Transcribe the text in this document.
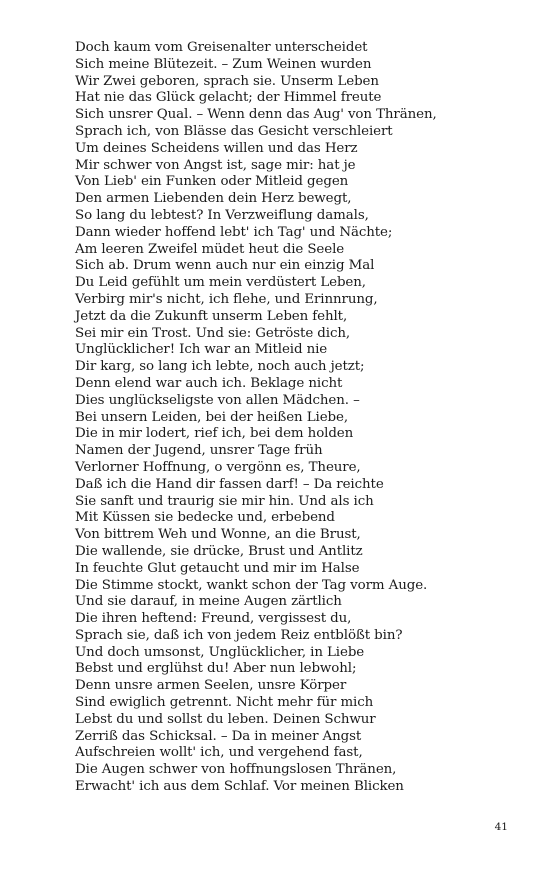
Doch kaum vom Greisenalter unterscheidet
Sich meine Blütezeit. – Zum Weinen wurden
Wir Zwei geboren, sprach sie. Unserm Leben
Hat nie das Glück gelacht; der Himmel freute
Sich unsrer Qual. – Wenn denn das Aug' von Thränen,
Sprach ich, von Blässe das Gesicht verschleiert
Um deines Scheidens willen und das Herz
Mir schwer von Angst ist, sage mir: hat je
Von Lieb' ein Funken oder Mitleid gegen
Den armen Liebenden dein Herz bewegt,
So lang du lebtest? In Verzweiflung damals,
Dann wieder hoffend lebt' ich Tag' und Nächte;
Am leeren Zweifel müdet heut die Seele
Sich ab. Drum wenn auch nur ein einzig Mal
Du Leid gefühlt um mein verdüstert Leben,
Verbirg mir's nicht, ich flehe, und Erinnrung,
Jetzt da die Zukunft unserm Leben fehlt,
Sei mir ein Trost. Und sie: Getröste dich,
Unglücklicher! Ich war an Mitleid nie
Dir karg, so lang ich lebte, noch auch jetzt;
Denn elend war auch ich. Beklage nicht
Dies unglückseligste von allen Mädchen. –
Bei unsern Leiden, bei der heißen Liebe,
Die in mir lodert, rief ich, bei dem holden
Namen der Jugend, unsrer Tage früh
Verlorner Hoffnung, o vergönn es, Theure,
Daß ich die Hand dir fassen darf! – Da reichte
Sie sanft und traurig sie mir hin. Und als ich
Mit Küssen sie bedecke und, erbebend
Von bittrem Weh und Wonne, an die Brust,
Die wallende, sie drücke, Brust und Antlitz
In feuchte Glut getaucht und mir im Halse
Die Stimme stockt, wankt schon der Tag vorm Auge.
Und sie darauf, in meine Augen zärtlich
Die ihren heftend: Freund, vergissest du,
Sprach sie, daß ich von jedem Reiz entblößt bin?
Und doch umsonst, Unglücklicher, in Liebe
Bebst und erglühst du! Aber nun lebwohl;
Denn unsre armen Seelen, unsre Körper
Sind ewiglich getrennt. Nicht mehr für mich
Lebst du und sollst du leben. Deinen Schwur
Zerriß das Schicksal. – Da in meiner Angst
Aufschreien wollt' ich, und vergehend fast,
Die Augen schwer von hoffnungslosen Thränen,
Erwacht' ich aus dem Schlaf. Vor meinen Blicken
41
